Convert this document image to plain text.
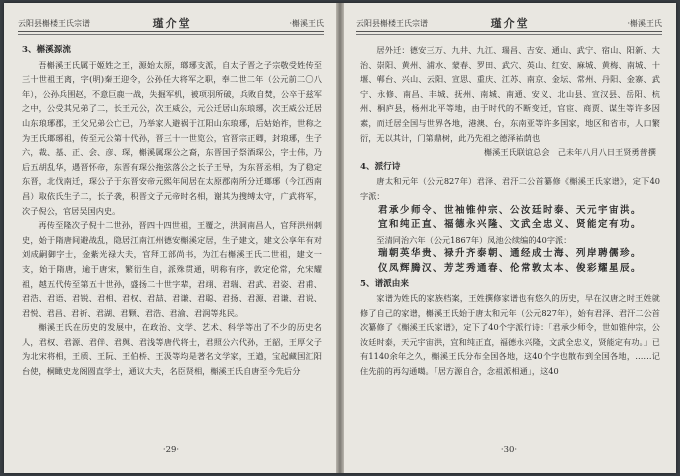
云阳县槲楼王氏宗谱	瑾介堂	·槲溪王氏

3、槲溪源流

吾槲溪王氏属于姬姓之王，源始太原，瑯琊支派，自太子晋之子宗敬受姓传至三十世祖王离，字(明)秦王迎令，公孙任大将军之职，奉二世二年（公元前二〇八年），公孙兵围赵，不意巨鹿一战，失掘军机，被项羽所破，兵败自焚，公卒于兹军之中，公受其兄弟了二，长王元公，次王威公，元公迁居山东琅琊，次王威公迁居山东琅琊郡，王父兄弟公亡已，乃举家人避祸于江阳山东琅琊，后姑始祚，世称之为王氏瑯琊祖，传至元公第十代孙，晋三十一世览公，官晋宗正卿，封琅琊，生子六，裁、基、正、会、彦、琛，槲溪属琛公之裔，东晋国子祭酒琛公，字士伟，乃后五胡乱华，遇晋怀帝，东晋有琛公拖弦落公之长子王导，为东晋丞相，为了稳定东晋，北伐南迁，琛公子于东晋安帝元熙年间居在太原郡南所分迁瑯琊（今江西南昌）取依氏生子二，长子袭，积晋文子元帝时名相，谢其为搜缚太守，广武将军，次子倪公，官居吴国内史。

再传至隆次子倪十二世孙，晋四十四世祖，王覆之，洪洞南昌人，官拜洪州刺史，始于隋唐间避战乱，隐居江南江州德安槲溪定居，生子建文，建文公享年有对刘成嗣御字士，金紫光禄大夫，官拜工部尚书，为江右槲溪王氏二世祖，建文一支，始于隋唐，逾于唐宋，繁衍生自，派殊贯通，明称有序，敦定伦常，允宋耀祖，越五代传至第五十世孙，盛扬二十世字辈，君翊、君瑞、君武、君姿、君甫、君浩、君语、君锐、君相、君权、君喆、君谦、君聪、君扬、君源、君谦、君说、君悦、君昌、君祈、君湖、君颗、君浩、君渝、君润等兆民。

槲溪王氏在历史的发展中，在政治、文学、艺术、科学等出了不少的历史名人，君权、君源、君伴、君舆、君浅等唐代将士，君照公六代孙，王韶，王厚父子为北宋将相，王质、王阮、王伯桥、王汲等均是著名文学家，王遒，宝起藏国汇阳台使，桐瞰史龙阁圆直学士，通议大夫，名臣贤相，槲溪王氏自唐至今先后分

·29·
云阳县槲楼王氏宗谱	瑾介堂	·槲溪王氏

居外迁：德安三万、九井、九江、瑞昌、吉安、通山、武宁、宿山、阳新、大治、崇阳、黄州、浦水、蒙春、罗田、武穴、英山、红安、麻城、黄梅、南城、十堰、郸台、兴山、云阳、宣思、重庆、江苏、南京、金坛、常州、丹阳、金寨、武宁、永修、南昌、丰城、抚州、南城、南通、安义、北山县、宣汉县、岳阳、杭州、桐庐县，杨州北平等地，由于时代的不断变迁，官宦、商贾、谋生等许多因素，而迁居全国与世界各地，港澳、台，东南亚等许多国家，地区和省市，人口繁衍，无以其计，门第鼎树，此乃先祖之德泽祐荫也

槲溪王氏联谊总会　己未年八月八日王贤勇普撰

4、派行诗

唐太和元年（公元827年）君泽、君汗二公首纂修《槲溪王氏家谱》，定下40字派：

君承少师令、世袖锥仲宗、公汝廷时泰、天元宇宙洪。

宜和纯正直、福德永兴隆、文武全忠义、贤能定有功。

至清同治六年（公元1867年）凤池公续编的40字派：

瑞朝英华贵、禄升齐泰朝、通经成士海、列岸聘儒珍。

仪凤辉腾汉、芳芝秀通春、伦常敦太本、俊彩耀星辰。

5、谱派由来

家谱为姓氏的家族档案，王姓撰修家谱也有悠久的历史，早在汉唐之时王姓就修了自己的家谱，槲溪王氏始于唐太和元年（公元827年），始有君泽、君汗二公首次纂修了《槲溪王氏家谱》，定下了40个字派行诗：「君承少师令，世如锥仲宗，公汝廷时泰，天元宇宙洪，宜和纯正直，福德永兴隆，文武全忠义，贤能定有功。」已有1140余年之久，槲溪王氏分布全国各地，这40个字也散布到全国各地，……记住先前的再勾通噶。「居方源自合，念祖派相通」，这40

·30·
